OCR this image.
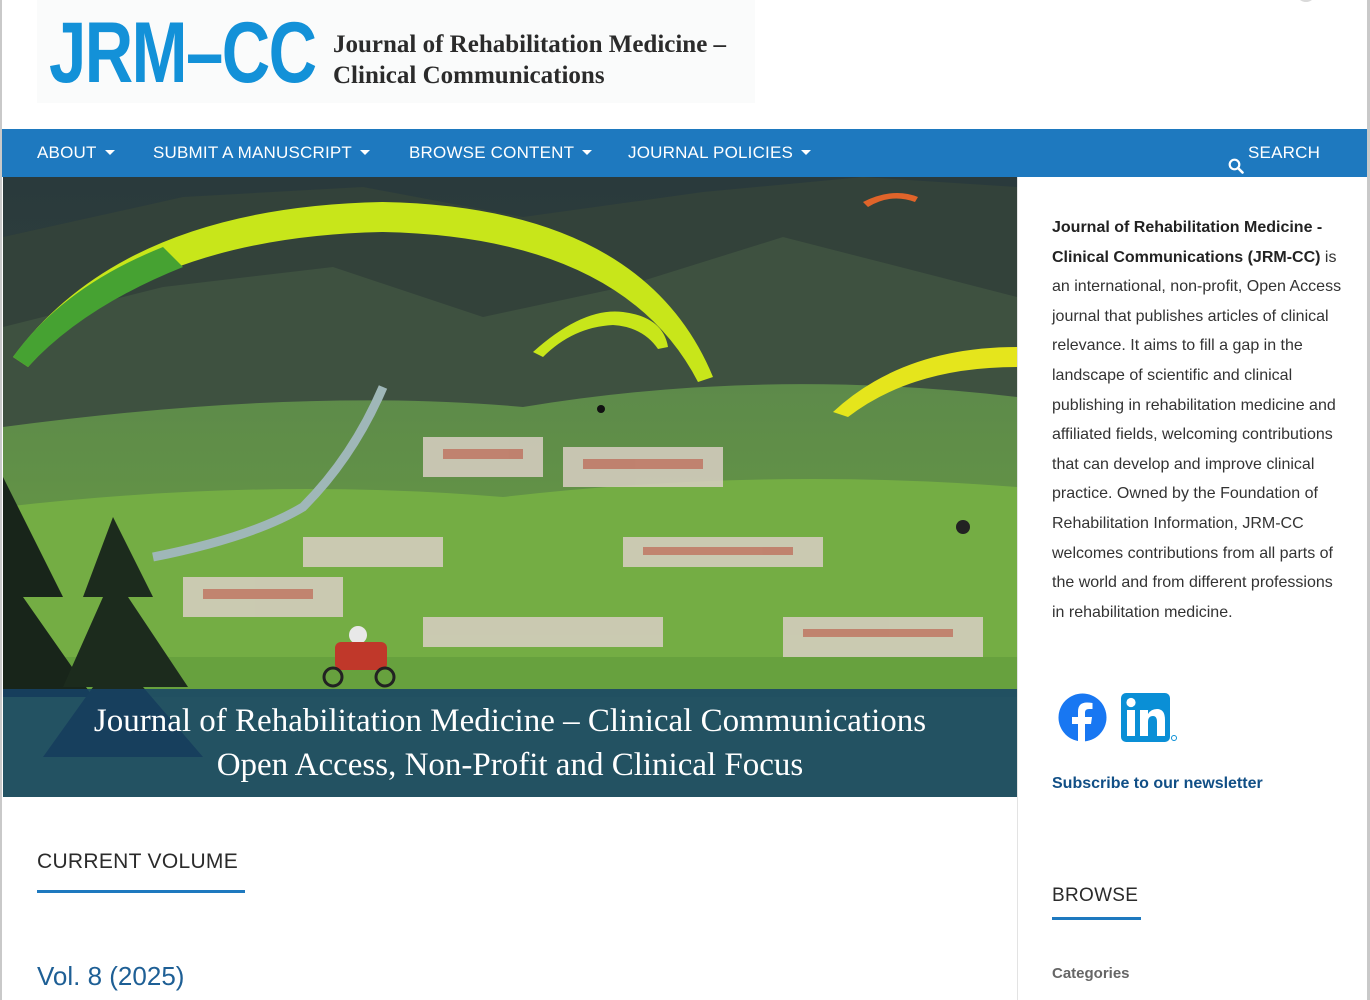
JRM–CC Journal of Rehabilitation Medicine –
Clinical Communications
ABOUT	SUBMIT A MANUSCRIPT	BROWSE CONTENT	JOURNAL POLICIES	SEARCH
Journal of Rehabilitation Medicine – Clinical Communications
Open Access, Non-Profit and Clinical Focus
CURRENT VOLUME
Vol. 8 (2025)
Journal of Rehabilitation Medicine - Clinical Communications (JRM-CC) is an international, non-profit, Open Access journal that publishes articles of clinical relevance. It aims to fill a gap in the landscape of scientific and clinical publishing in rehabilitation medicine and affiliated fields, welcoming contributions that can develop and improve clinical practice. Owned by the Foundation of Rehabilitation Information, JRM-CC welcomes contributions from all parts of the world and from different professions in rehabilitation medicine.
Subscribe to our newsletter
BROWSE
Categories
